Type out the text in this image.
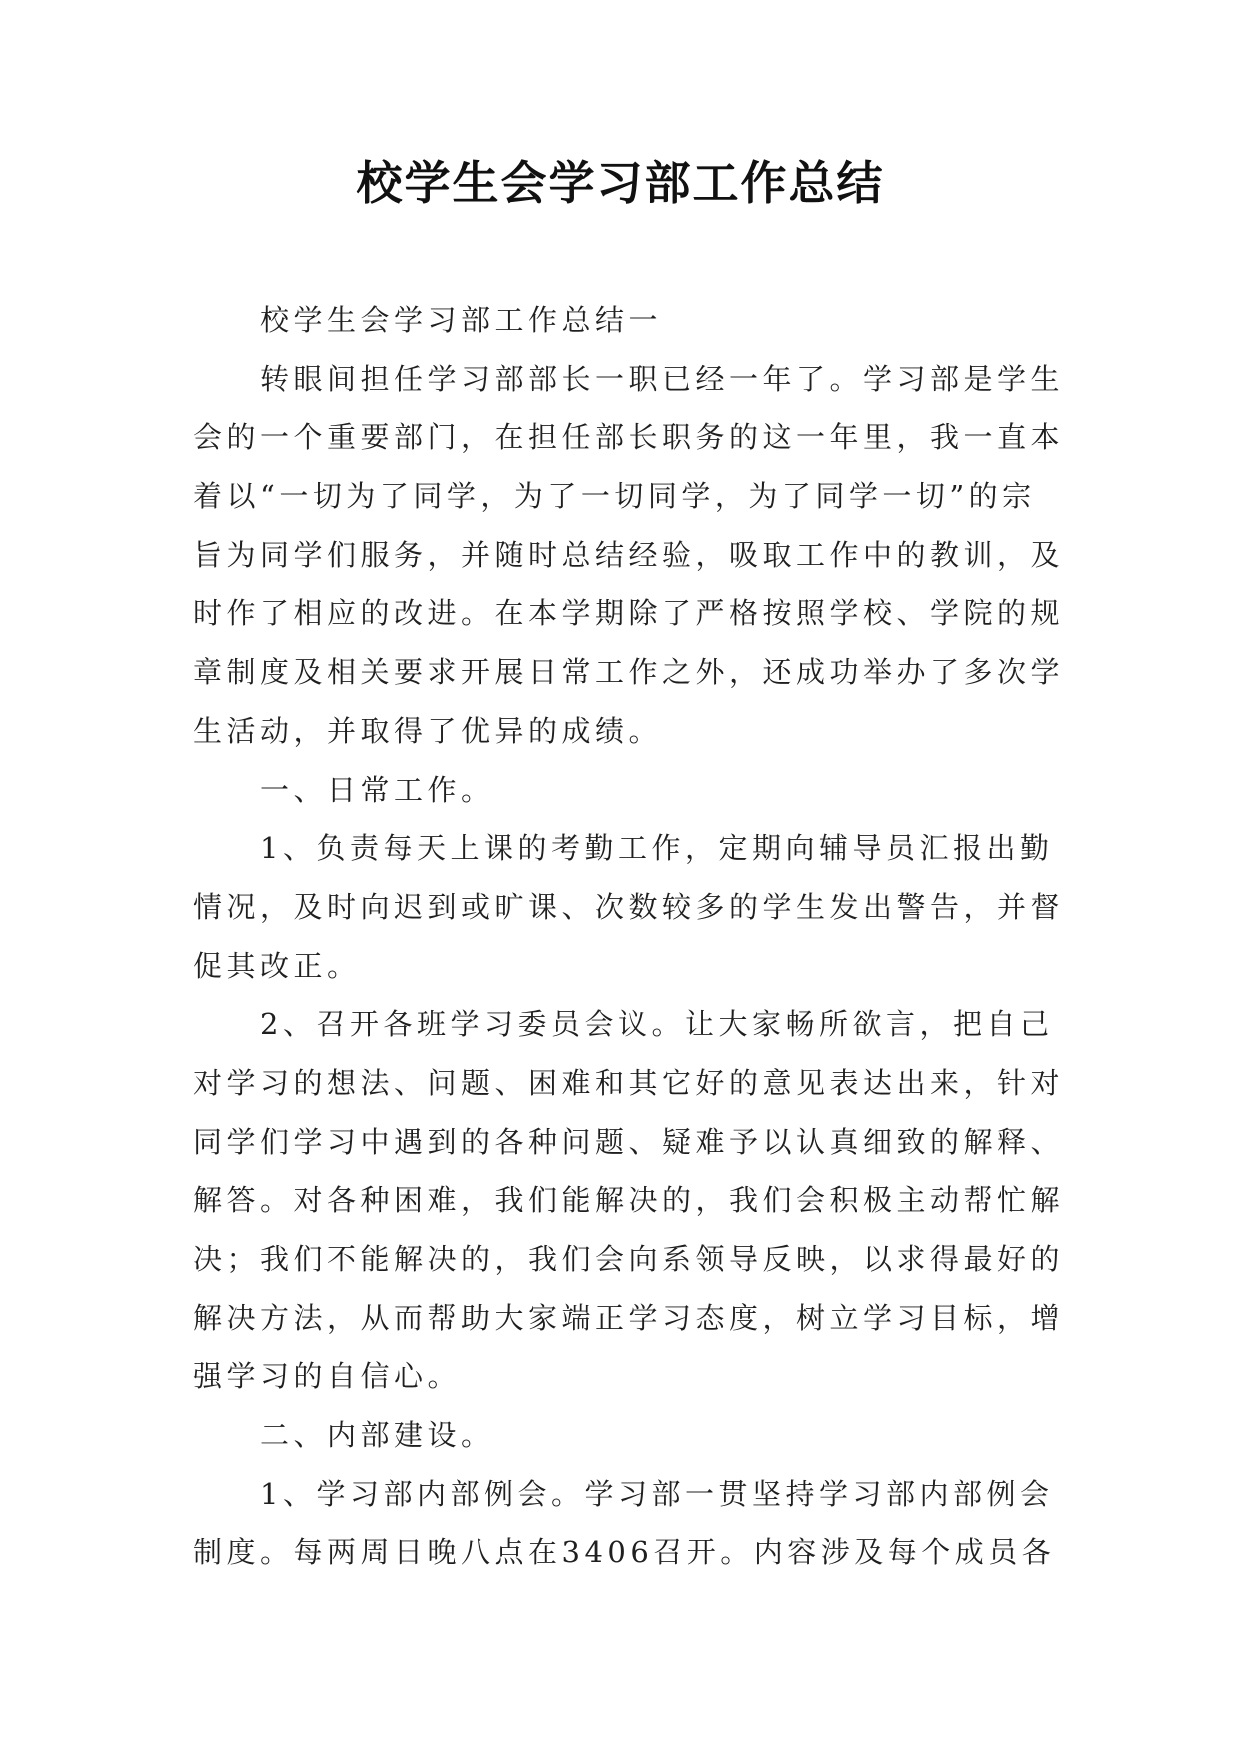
校学生会学习部工作总结
校学生会学习部工作总结一
转眼间担任学习部部长一职已经一年了。学习部是学生
会的一个重要部门，在担任部长职务的这一年里，我一直本
着以“一切为了同学，为了一切同学，为了同学一切”的宗
旨为同学们服务，并随时总结经验，吸取工作中的教训，及
时作了相应的改进。在本学期除了严格按照学校、学院的规
章制度及相关要求开展日常工作之外，还成功举办了多次学
生活动，并取得了优异的成绩。
一、日常工作。
1、负责每天上课的考勤工作，定期向辅导员汇报出勤
情况，及时向迟到或旷课、次数较多的学生发出警告，并督
促其改正。
2、召开各班学习委员会议。让大家畅所欲言，把自己
对学习的想法、问题、困难和其它好的意见表达出来，针对
同学们学习中遇到的各种问题、疑难予以认真细致的解释、
解答。对各种困难，我们能解决的，我们会积极主动帮忙解
决；我们不能解决的，我们会向系领导反映，以求得最好的
解决方法，从而帮助大家端正学习态度，树立学习目标，增
强学习的自信心。
二、内部建设。
1、学习部内部例会。学习部一贯坚持学习部内部例会
制度。每两周日晚八点在3406召开。内容涉及每个成员各
